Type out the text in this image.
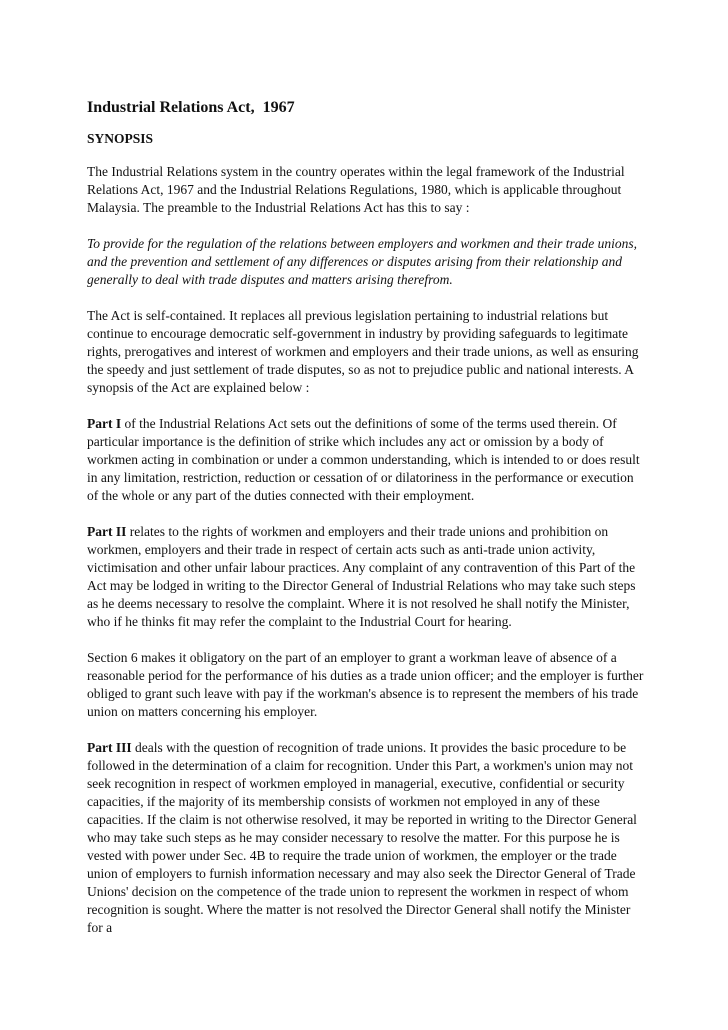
Industrial Relations Act,  1967
SYNOPSIS

The Industrial Relations system in the country operates within the legal framework of the Industrial Relations Act, 1967 and the Industrial Relations Regulations, 1980, which is applicable throughout Malaysia. The preamble to the Industrial Relations Act has this to say :

To provide for the regulation of the relations between employers and workmen and their trade unions, and the prevention and settlement of any differences or disputes arising from their relationship and generally to deal with trade disputes and matters arising therefrom.

The Act is self-contained. It replaces all previous legislation pertaining to industrial relations but continue to encourage democratic self-government in industry by providing safeguards to legitimate rights, prerogatives and interest of workmen and employers and their trade unions, as well as ensuring the speedy and just settlement of trade disputes, so as not to prejudice public and national interests. A synopsis of the Act are explained below :

Part I of the Industrial Relations Act sets out the definitions of some of the terms used therein. Of particular importance is the definition of strike which includes any act or omission by a body of workmen acting in combination or under a common understanding, which is intended to or does result in any limitation, restriction, reduction or cessation of or dilatoriness in the performance or execution of the whole or any part of the duties connected with their employment.

Part II relates to the rights of workmen and employers and their trade unions and prohibition on workmen, employers and their trade in respect of certain acts such as anti-trade union activity, victimisation and other unfair labour practices. Any complaint of any contravention of this Part of the Act may be lodged in writing to the Director General of Industrial Relations who may take such steps as he deems necessary to resolve the complaint. Where it is not resolved he shall notify the Minister, who if he thinks fit may refer the complaint to the Industrial Court for hearing.

Section 6 makes it obligatory on the part of an employer to grant a workman leave of absence of a reasonable period for the performance of his duties as a trade union officer; and the employer is further obliged to grant such leave with pay if the workman's absence is to represent the members of his trade union on matters concerning his employer.

Part III deals with the question of recognition of trade unions. It provides the basic procedure to be followed in the determination of a claim for recognition. Under this Part, a workmen's union may not seek recognition in respect of workmen employed in managerial, executive, confidential or security capacities, if the majority of its membership consists of workmen not employed in any of these capacities. If the claim is not otherwise resolved, it may be reported in writing to the Director General who may take such steps as he may consider necessary to resolve the matter. For this purpose he is vested with power under Sec. 4B to require the trade union of workmen, the employer or the trade union of employers to furnish information necessary and may also seek the Director General of Trade Unions' decision on the competence of the trade union to represent the workmen in respect of whom recognition is sought. Where the matter is not resolved the Director General shall notify the Minister for a
